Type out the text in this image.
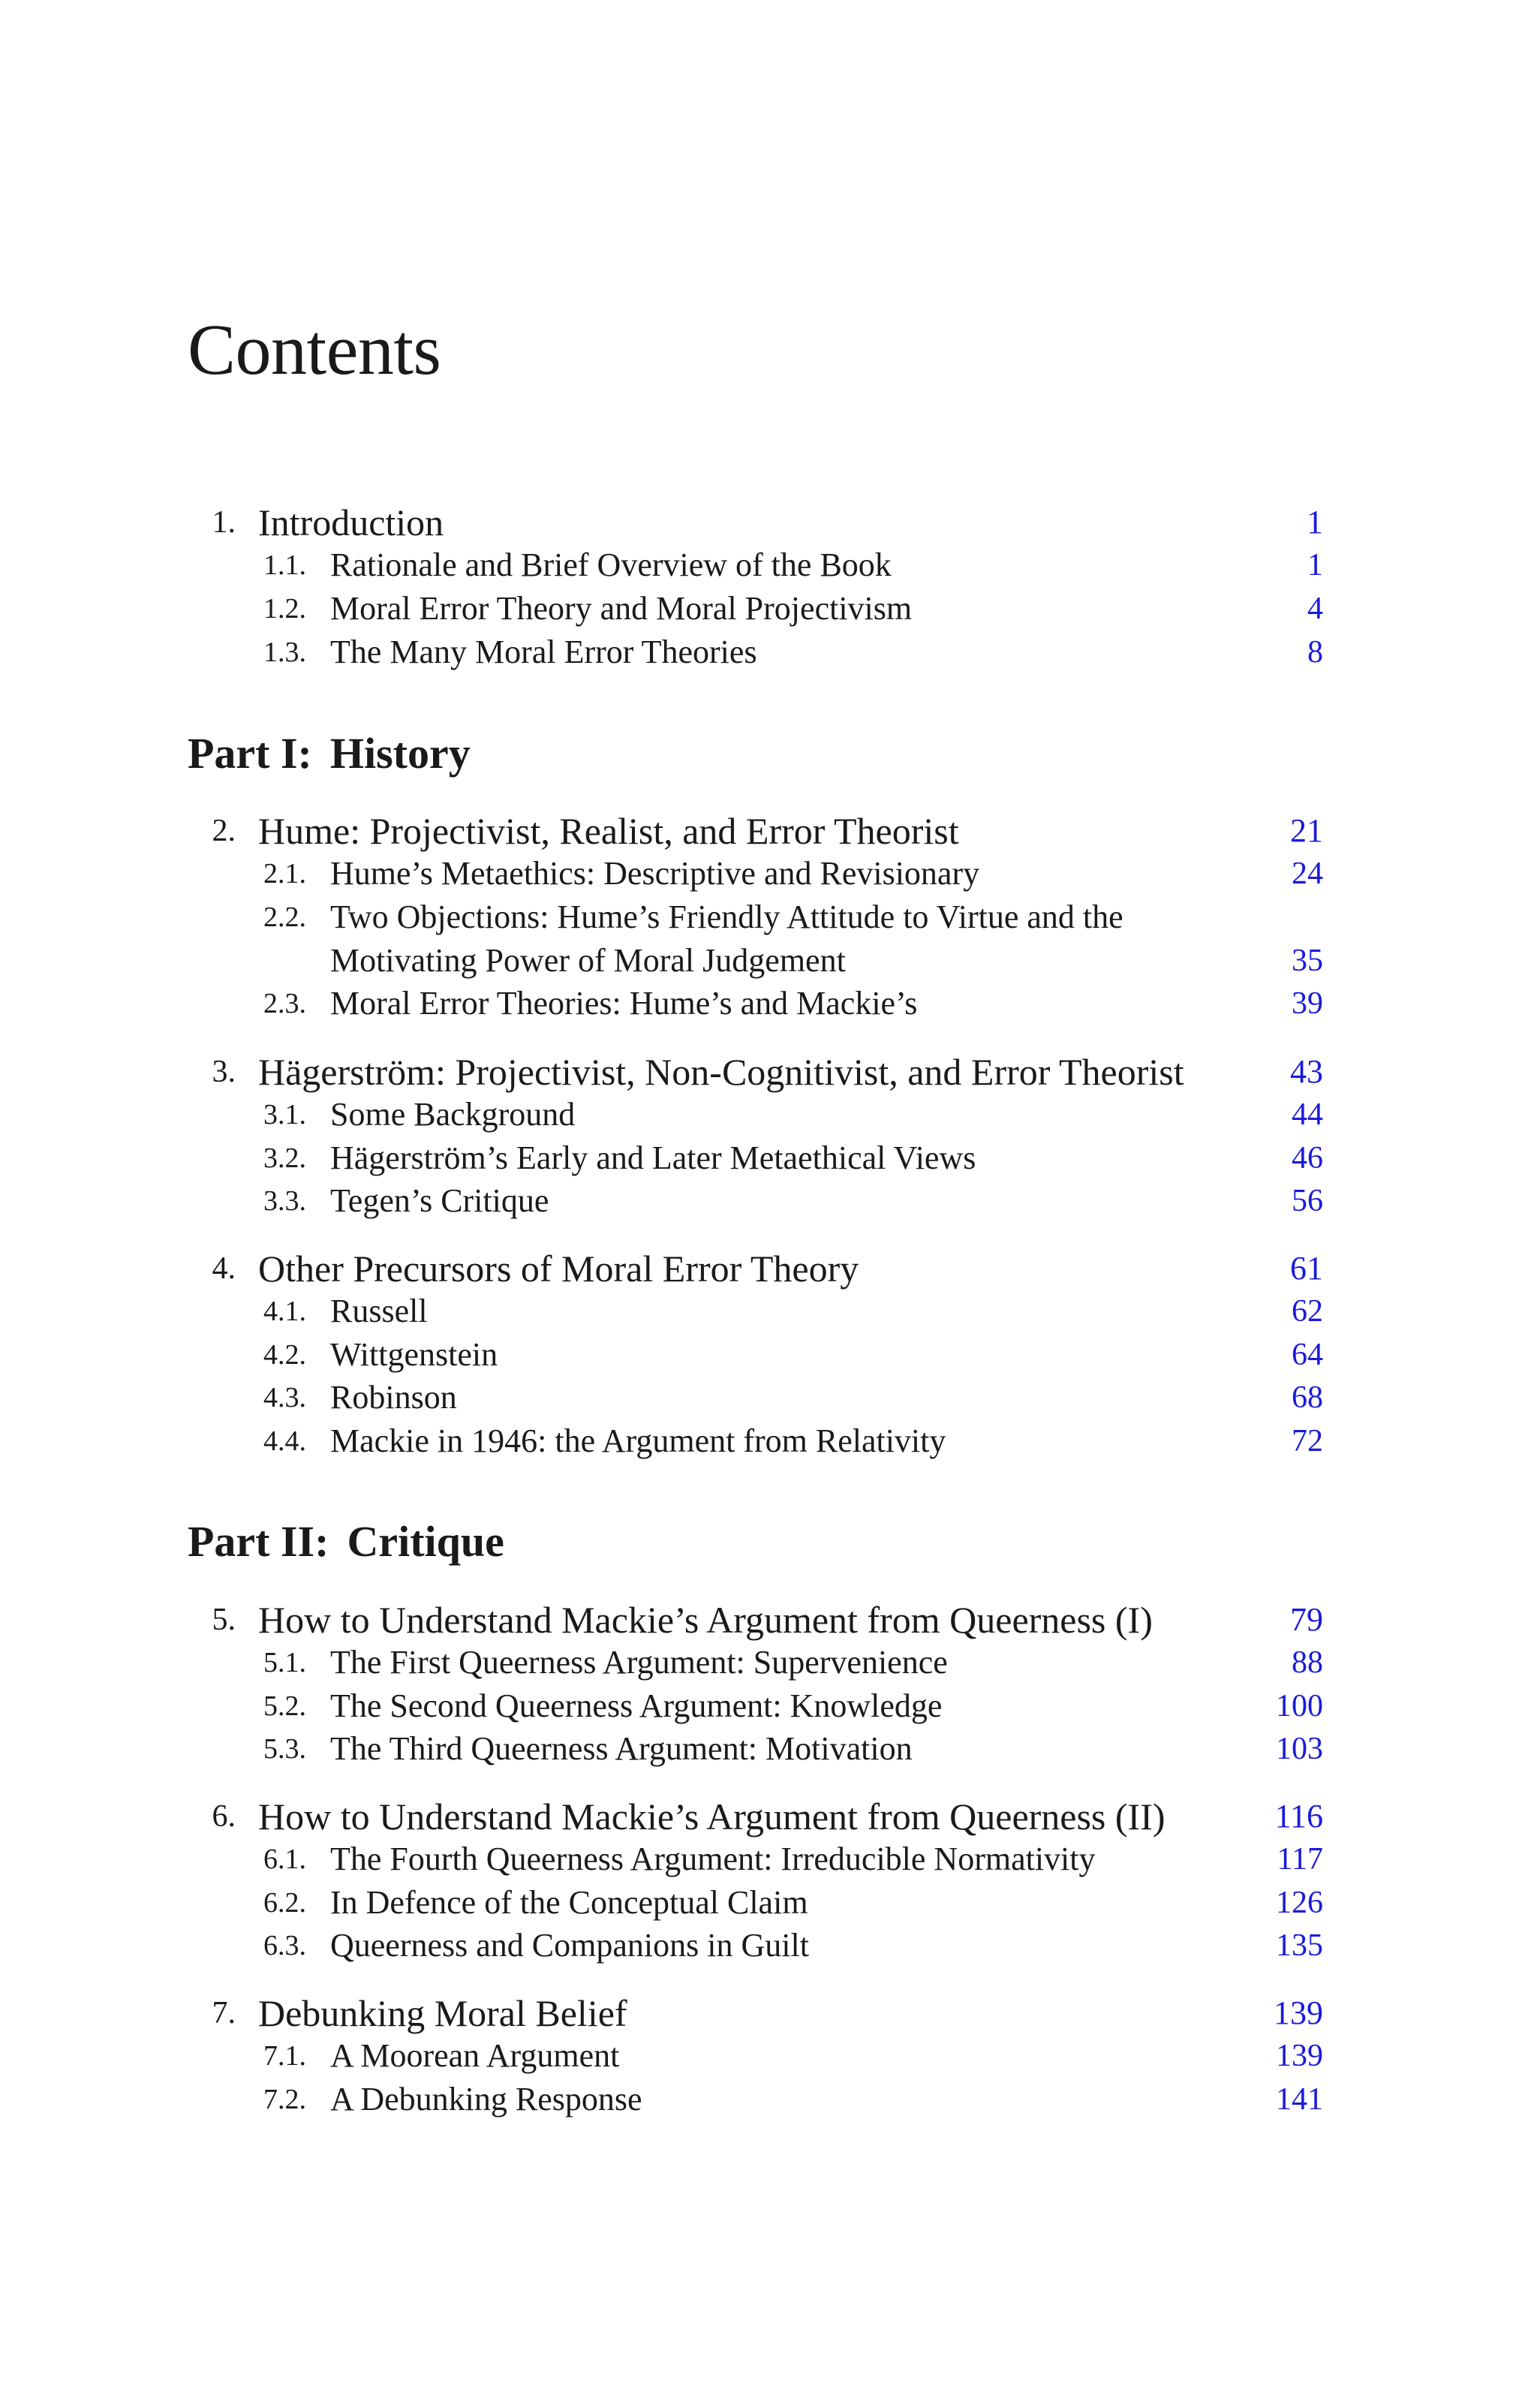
Contents
1. Introduction	1
1.1. Rationale and Brief Overview of the Book	1
1.2. Moral Error Theory and Moral Projectivism	4
1.3. The Many Moral Error Theories	8
Part I: History
2. Hume: Projectivist, Realist, and Error Theorist	21
2.1. Hume’s Metaethics: Descriptive and Revisionary	24
2.2. Two Objections: Hume’s Friendly Attitude to Virtue and the
Motivating Power of Moral Judgement	35
2.3. Moral Error Theories: Hume’s and Mackie’s	39
3. Hägerström: Projectivist, Non-Cognitivist, and Error Theorist	43
3.1. Some Background	44
3.2. Hägerström’s Early and Later Metaethical Views	46
3.3. Tegen’s Critique	56
4. Other Precursors of Moral Error Theory	61
4.1. Russell	62
4.2. Wittgenstein	64
4.3. Robinson	68
4.4. Mackie in 1946: the Argument from Relativity	72
Part II: Critique
5. How to Understand Mackie’s Argument from Queerness (I)	79
5.1. The First Queerness Argument: Supervenience	88
5.2. The Second Queerness Argument: Knowledge	100
5.3. The Third Queerness Argument: Motivation	103
6. How to Understand Mackie’s Argument from Queerness (II)	116
6.1. The Fourth Queerness Argument: Irreducible Normativity	117
6.2. In Defence of the Conceptual Claim	126
6.3. Queerness and Companions in Guilt	135
7. Debunking Moral Belief	139
7.1. A Moorean Argument	139
7.2. A Debunking Response	141
